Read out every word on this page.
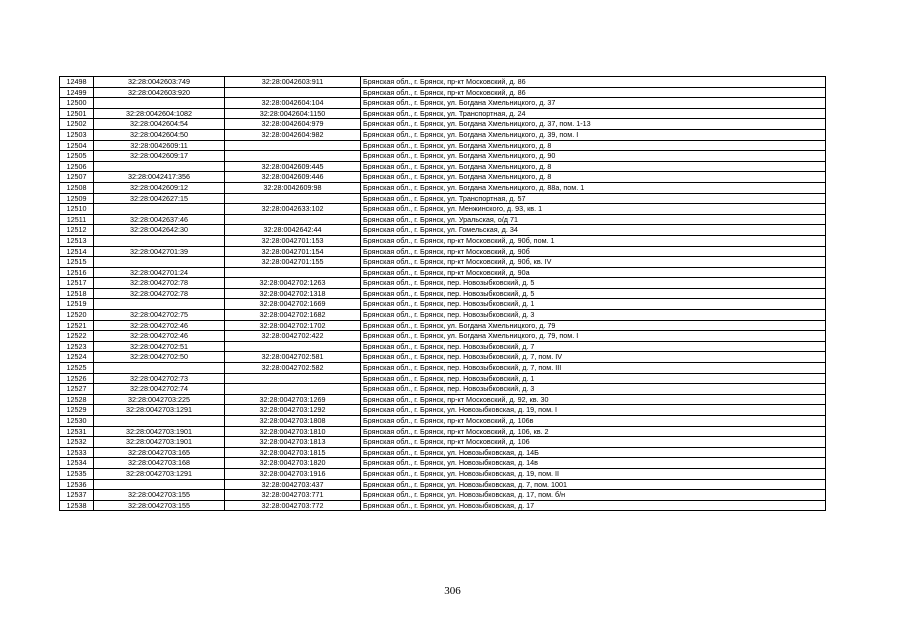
12498	32:28:0042603:749	32:28:0042603:911	Брянская обл., г. Брянск, пр-кт Московский, д. 86
12499	32:28:0042603:920		Брянская обл., г. Брянск, пр-кт Московский, д. 86
12500		32:28:0042604:104	Брянская обл., г. Брянск, ул. Богдана Хмельницкого, д. 37
12501	32:28:0042604:1082	32:28:0042604:1150	Брянская обл., г. Брянск, ул. Транспортная, д. 24
12502	32:28:0042604:54	32:28:0042604:979	Брянская обл., г. Брянск, ул. Богдана Хмельницкого, д. 37, пом. 1-13
12503	32:28:0042604:50	32:28:0042604:982	Брянская обл., г. Брянск, ул. Богдана Хмельницкого, д. 39, пом. I
12504	32:28:0042609:11		Брянская обл., г. Брянск, ул. Богдана Хмельницкого, д. 8
12505	32:28:0042609:17		Брянская обл., г. Брянск, ул. Богдана Хмельницкого, д. 90
12506		32:28:0042609:445	Брянская обл., г. Брянск, ул. Богдана Хмельницкого, д. 8
12507	32:28:0042417:356	32:28:0042609:446	Брянская обл., г. Брянск, ул. Богдана Хмельницкого, д. 8
12508	32:28:0042609:12	32:28:0042609:98	Брянская обл., г. Брянск, ул. Богдана Хмельницкого, д. 88а, пом. 1
12509	32:28:0042627:15		Брянская обл., г. Брянск, ул. Транспортная, д. 57
12510		32:28:0042633:102	Брянская обл., г. Брянск, ул. Менжинского, д. 93, кв. 1
12511	32:28:0042637:46		Брянская обл., г. Брянск, ул. Уральская, о/д 71
12512	32:28:0042642:30	32:28:0042642:44	Брянская обл., г. Брянск, ул. Гомельская, д. 34
12513		32:28:0042701:153	Брянская обл., г. Брянск, пр-кт Московский, д. 90б, пом. 1
12514	32:28:0042701:39	32:28:0042701:154	Брянская обл., г. Брянск, пр-кт Московский, д. 90б
12515		32:28:0042701:155	Брянская обл., г. Брянск, пр-кт Московский, д. 90б, кв. IV
12516	32:28:0042701:24		Брянская обл., г. Брянск, пр-кт Московский, д. 90а
12517	32:28:0042702:78	32:28:0042702:1263	Брянская обл., г. Брянск, пер. Новозыбковский, д. 5
12518	32:28:0042702:78	32:28:0042702:1318	Брянская обл., г. Брянск, пер. Новозыбковский, д. 5
12519		32:28:0042702:1669	Брянская обл., г. Брянск, пер. Новозыбковский, д. 1
12520	32:28:0042702:75	32:28:0042702:1682	Брянская обл., г. Брянск, пер. Новозыбковский, д. 3
12521	32:28:0042702:46	32:28:0042702:1702	Брянская обл., г. Брянск, ул. Богдана Хмельницкого, д. 79
12522	32:28:0042702:46	32:28:0042702:422	Брянская обл., г. Брянск, ул. Богдана Хмельницкого, д. 79, пом. I
12523	32:28:0042702:51		Брянская обл., г. Брянск, пер. Новозыбковский, д. 7
12524	32:28:0042702:50	32:28:0042702:581	Брянская обл., г. Брянск, пер. Новозыбковский, д. 7, пом. IV
12525		32:28:0042702:582	Брянская обл., г. Брянск, пер. Новозыбковский, д. 7, пом. III
12526	32:28:0042702:73		Брянская обл., г. Брянск, пер. Новозыбковский, д. 1
12527	32:28:0042702:74		Брянская обл., г. Брянск, пер. Новозыбковский, д. 3
12528	32:28:0042703:225	32:28:0042703:1269	Брянская обл., г. Брянск, пр-кт Московский, д. 92, кв. 30
12529	32:28:0042703:1291	32:28:0042703:1292	Брянская обл., г. Брянск, ул. Новозыбковская, д. 19, пом. I
12530		32:28:0042703:1808	Брянская обл., г. Брянск, пр-кт Московский, д. 106в
12531	32:28:0042703:1901	32:28:0042703:1810	Брянская обл., г. Брянск, пр-кт Московский, д. 106, кв. 2
12532	32:28:0042703:1901	32:28:0042703:1813	Брянская обл., г. Брянск, пр-кт Московский, д. 106
12533	32:28:0042703:165	32:28:0042703:1815	Брянская обл., г. Брянск, ул. Новозыбковская, д. 14Б
12534	32:28:0042703:168	32:28:0042703:1820	Брянская обл., г. Брянск, ул. Новозыбковская, д. 14в
12535	32:28:0042703:1291	32:28:0042703:1916	Брянская обл., г. Брянск, ул. Новозыбковская, д. 19, пом. II
12536		32:28:0042703:437	Брянская обл., г. Брянск, ул. Новозыбковская, д. 7, пом. 1001
12537	32:28:0042703:155	32:28:0042703:771	Брянская обл., г. Брянск, ул. Новозыбковская, д. 17, пом. б/н
12538	32:28:0042703:155	32:28:0042703:772	Брянская обл., г. Брянск, ул. Новозыбковская, д. 17
306
